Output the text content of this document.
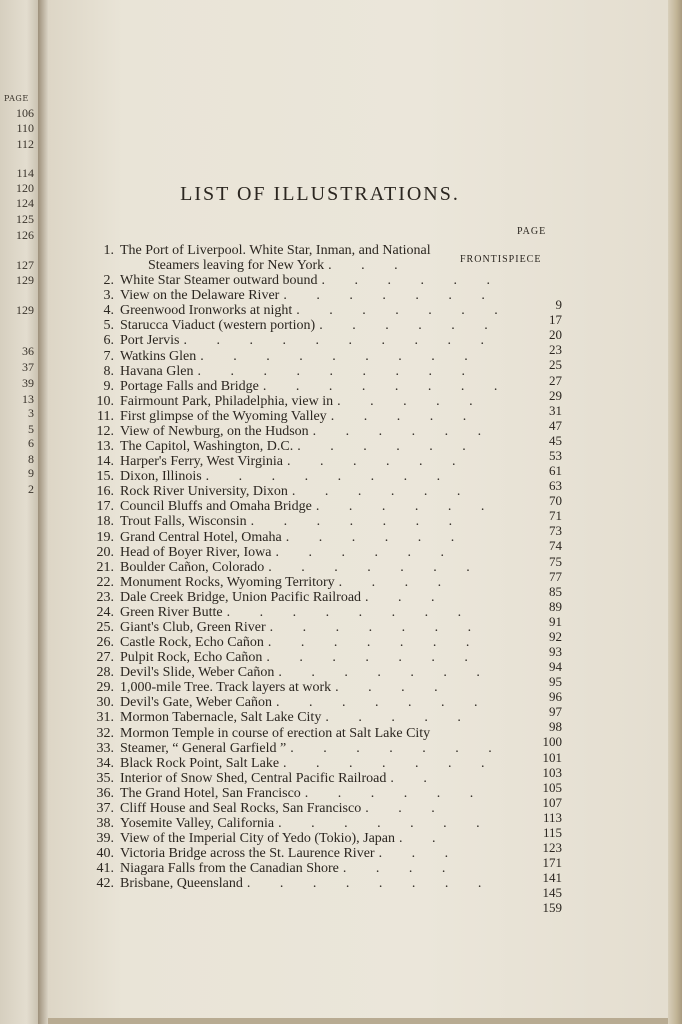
PAGE
106
110
112
114
120
124
125
126
127
129
129
36
37
39
13
3
5
6
8
9
2
LIST OF ILLUSTRATIONS.
PAGE
FRONTISPIECE
1. The Port of Liverpool. White Star, Inman, and National
Steamers leaving for New York . . .
2. White Star Steamer outward bound . . . . . .
9
3. View on the Delaware River . . . . . . .
17
4. Greenwood Ironworks at night . . . . . . .
20
5. Starucca Viaduct (western portion) . . . . . .
23
6. Port Jervis . . . . . . . . . .
25
7. Watkins Glen . . . . . . . . .
27
8. Havana Glen . . . . . . . . .
29
9. Portage Falls and Bridge . . . . . . . .
31
10. Fairmount Park, Philadelphia, view in . . . . .
47
11. First glimpse of the Wyoming Valley . . . . .
45
12. View of Newburg, on the Hudson . . . . . .
53
13. The Capitol, Washington, D.C. . . . . . .
61
14. Harper's Ferry, West Virginia . . . . . .
63
15. Dixon, Illinois . . . . . . . .
70
16. Rock River University, Dixon . . . . . .
71
17. Council Bluffs and Omaha Bridge . . . . . .
73
18. Trout Falls, Wisconsin . . . . . . .
74
19. Grand Central Hotel, Omaha . . . . . .
75
20. Head of Boyer River, Iowa . . . . . .
77
21. Boulder Cañon, Colorado . . . . . . .
85
22. Monument Rocks, Wyoming Territory . . . .
89
23. Dale Creek Bridge, Union Pacific Railroad . . .
91
24. Green River Butte . . . . . . . .
92
25. Giant's Club, Green River . . . . . . .
93
26. Castle Rock, Echo Cañon . . . . . . .
94
27. Pulpit Rock, Echo Cañon . . . . . . .
95
28. Devil's Slide, Weber Cañon . . . . . . .
96
29. 1,000-mile Tree. Track layers at work . . . .
97
30. Devil's Gate, Weber Cañon . . . . . . .
98
31. Mormon Tabernacle, Salt Lake City . . . . .
100
32. Mormon Temple in course of erection at Salt Lake City
101
33. Steamer, “ General Garfield ” . . . . . . .
103
34. Black Rock Point, Salt Lake . . . . . . .
105
35. Interior of Snow Shed, Central Pacific Railroad . .
107
36. The Grand Hotel, San Francisco . . . . . .
113
37. Cliff House and Seal Rocks, San Francisco . . .
115
38. Yosemite Valley, California . . . . . . .
123
39. View of the Imperial City of Yedo (Tokio), Japan . .
171
40. Victoria Bridge across the St. Laurence River . . .
141
41. Niagara Falls from the Canadian Shore . . . .
145
42. Brisbane, Queensland . . . . . . . .
159
